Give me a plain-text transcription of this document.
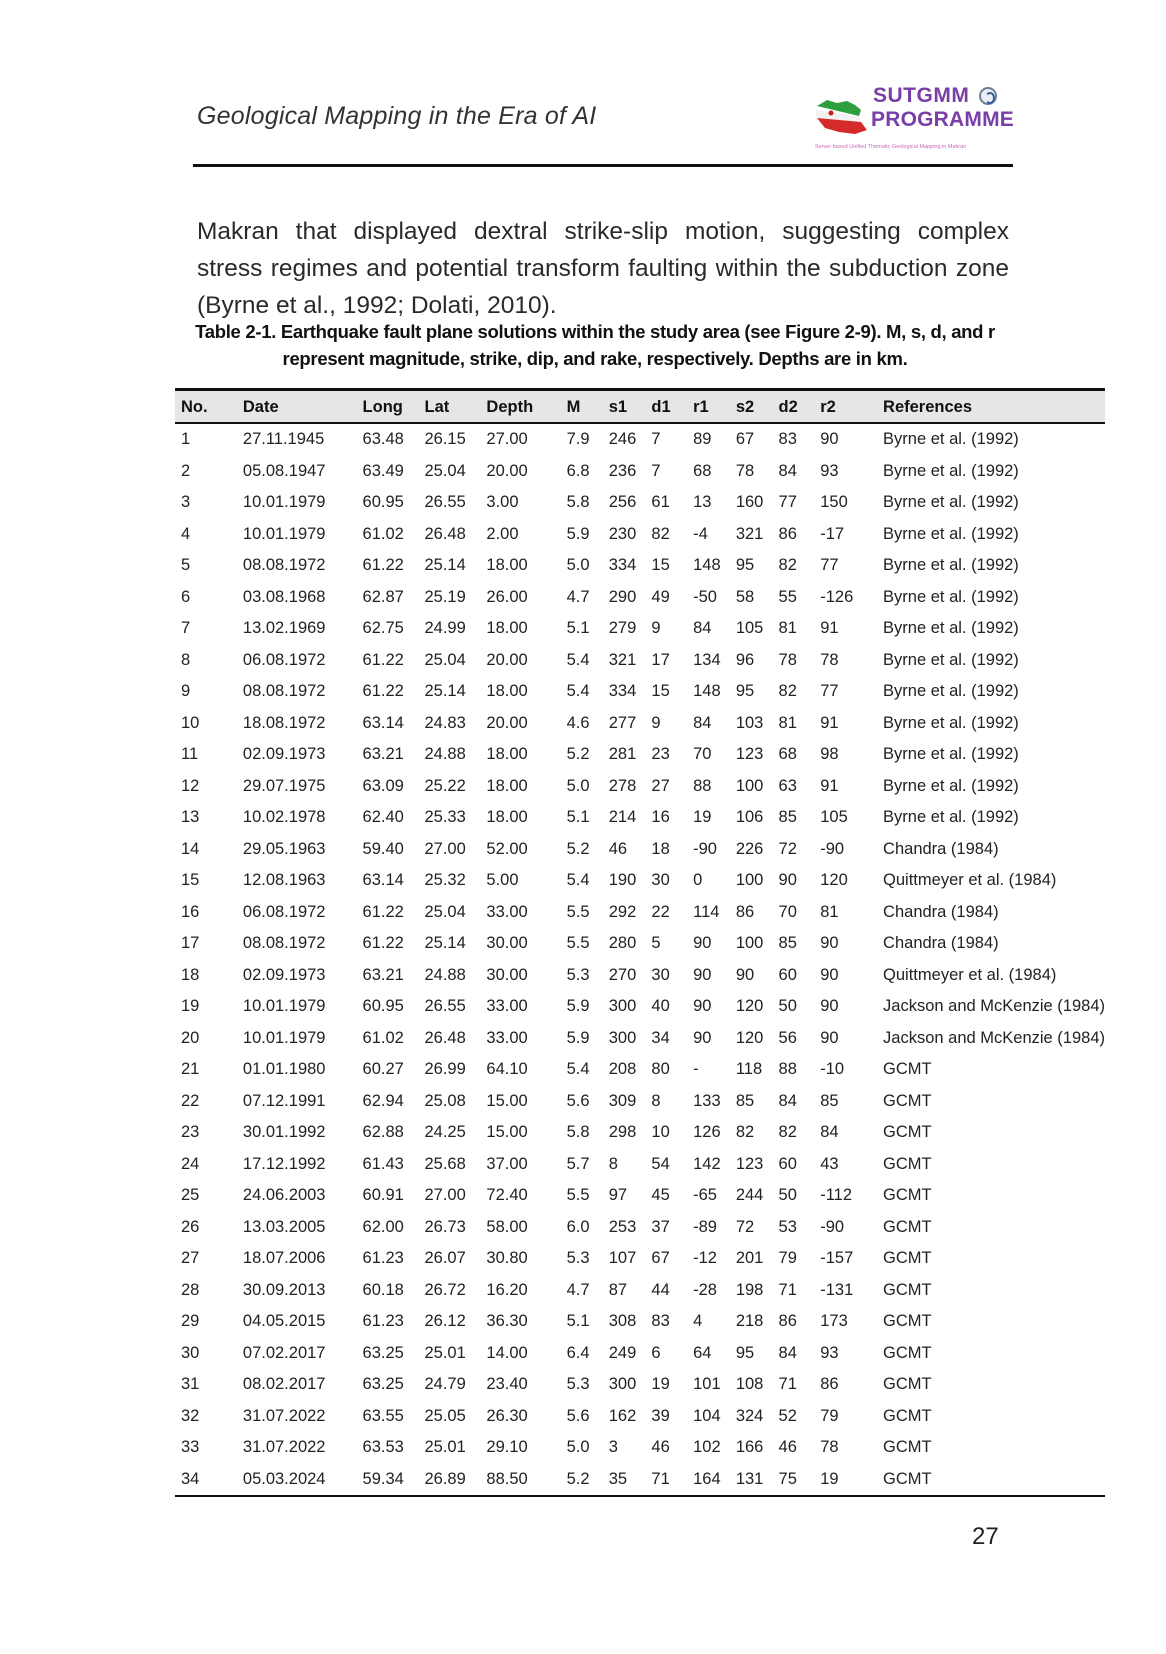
Geological Mapping in the Era of AI
SUTGMM
PROGRAMME
Server based Unified Thematic Geological Mapping in Makran

Makran that displayed dextral strike-slip motion, suggesting complex stress regimes and potential transform faulting within the subduction zone (Byrne et al., 1992; Dolati, 2010).

Table 2-1. Earthquake fault plane solutions within the study area (see Figure 2-9). M, s, d, and r represent magnitude, strike, dip, and rake, respectively. Depths are in km.
No.	Date	Long	Lat	Depth	M	s1	d1	r1	s2	d2	r2	References
1	27.11.1945	63.48	26.15	27.00	7.9	246	7	89	67	83	90	Byrne et al. (1992)
2	05.08.1947	63.49	25.04	20.00	6.8	236	7	68	78	84	93	Byrne et al. (1992)
3	10.01.1979	60.95	26.55	3.00	5.8	256	61	13	160	77	150	Byrne et al. (1992)
4	10.01.1979	61.02	26.48	2.00	5.9	230	82	-4	321	86	-17	Byrne et al. (1992)
5	08.08.1972	61.22	25.14	18.00	5.0	334	15	148	95	82	77	Byrne et al. (1992)
6	03.08.1968	62.87	25.19	26.00	4.7	290	49	-50	58	55	-126	Byrne et al. (1992)
7	13.02.1969	62.75	24.99	18.00	5.1	279	9	84	105	81	91	Byrne et al. (1992)
8	06.08.1972	61.22	25.04	20.00	5.4	321	17	134	96	78	78	Byrne et al. (1992)
9	08.08.1972	61.22	25.14	18.00	5.4	334	15	148	95	82	77	Byrne et al. (1992)
10	18.08.1972	63.14	24.83	20.00	4.6	277	9	84	103	81	91	Byrne et al. (1992)
11	02.09.1973	63.21	24.88	18.00	5.2	281	23	70	123	68	98	Byrne et al. (1992)
12	29.07.1975	63.09	25.22	18.00	5.0	278	27	88	100	63	91	Byrne et al. (1992)
13	10.02.1978	62.40	25.33	18.00	5.1	214	16	19	106	85	105	Byrne et al. (1992)
14	29.05.1963	59.40	27.00	52.00	5.2	46	18	-90	226	72	-90	Chandra (1984)
15	12.08.1963	63.14	25.32	5.00	5.4	190	30	0	100	90	120	Quittmeyer et al. (1984)
16	06.08.1972	61.22	25.04	33.00	5.5	292	22	114	86	70	81	Chandra (1984)
17	08.08.1972	61.22	25.14	30.00	5.5	280	5	90	100	85	90	Chandra (1984)
18	02.09.1973	63.21	24.88	30.00	5.3	270	30	90	90	60	90	Quittmeyer et al. (1984)
19	10.01.1979	60.95	26.55	33.00	5.9	300	40	90	120	50	90	Jackson and McKenzie (1984)
20	10.01.1979	61.02	26.48	33.00	5.9	300	34	90	120	56	90	Jackson and McKenzie (1984)
21	01.01.1980	60.27	26.99	64.10	5.4	208	80	-	118	88	-10	GCMT
22	07.12.1991	62.94	25.08	15.00	5.6	309	8	133	85	84	85	GCMT
23	30.01.1992	62.88	24.25	15.00	5.8	298	10	126	82	82	84	GCMT
24	17.12.1992	61.43	25.68	37.00	5.7	8	54	142	123	60	43	GCMT
25	24.06.2003	60.91	27.00	72.40	5.5	97	45	-65	244	50	-112	GCMT
26	13.03.2005	62.00	26.73	58.00	6.0	253	37	-89	72	53	-90	GCMT
27	18.07.2006	61.23	26.07	30.80	5.3	107	67	-12	201	79	-157	GCMT
28	30.09.2013	60.18	26.72	16.20	4.7	87	44	-28	198	71	-131	GCMT
29	04.05.2015	61.23	26.12	36.30	5.1	308	83	4	218	86	173	GCMT
30	07.02.2017	63.25	25.01	14.00	6.4	249	6	64	95	84	93	GCMT
31	08.02.2017	63.25	24.79	23.40	5.3	300	19	101	108	71	86	GCMT
32	31.07.2022	63.55	25.05	26.30	5.6	162	39	104	324	52	79	GCMT
33	31.07.2022	63.53	25.01	29.10	5.0	3	46	102	166	46	78	GCMT
34	05.03.2024	59.34	26.89	88.50	5.2	35	71	164	131	75	19	GCMT
27
